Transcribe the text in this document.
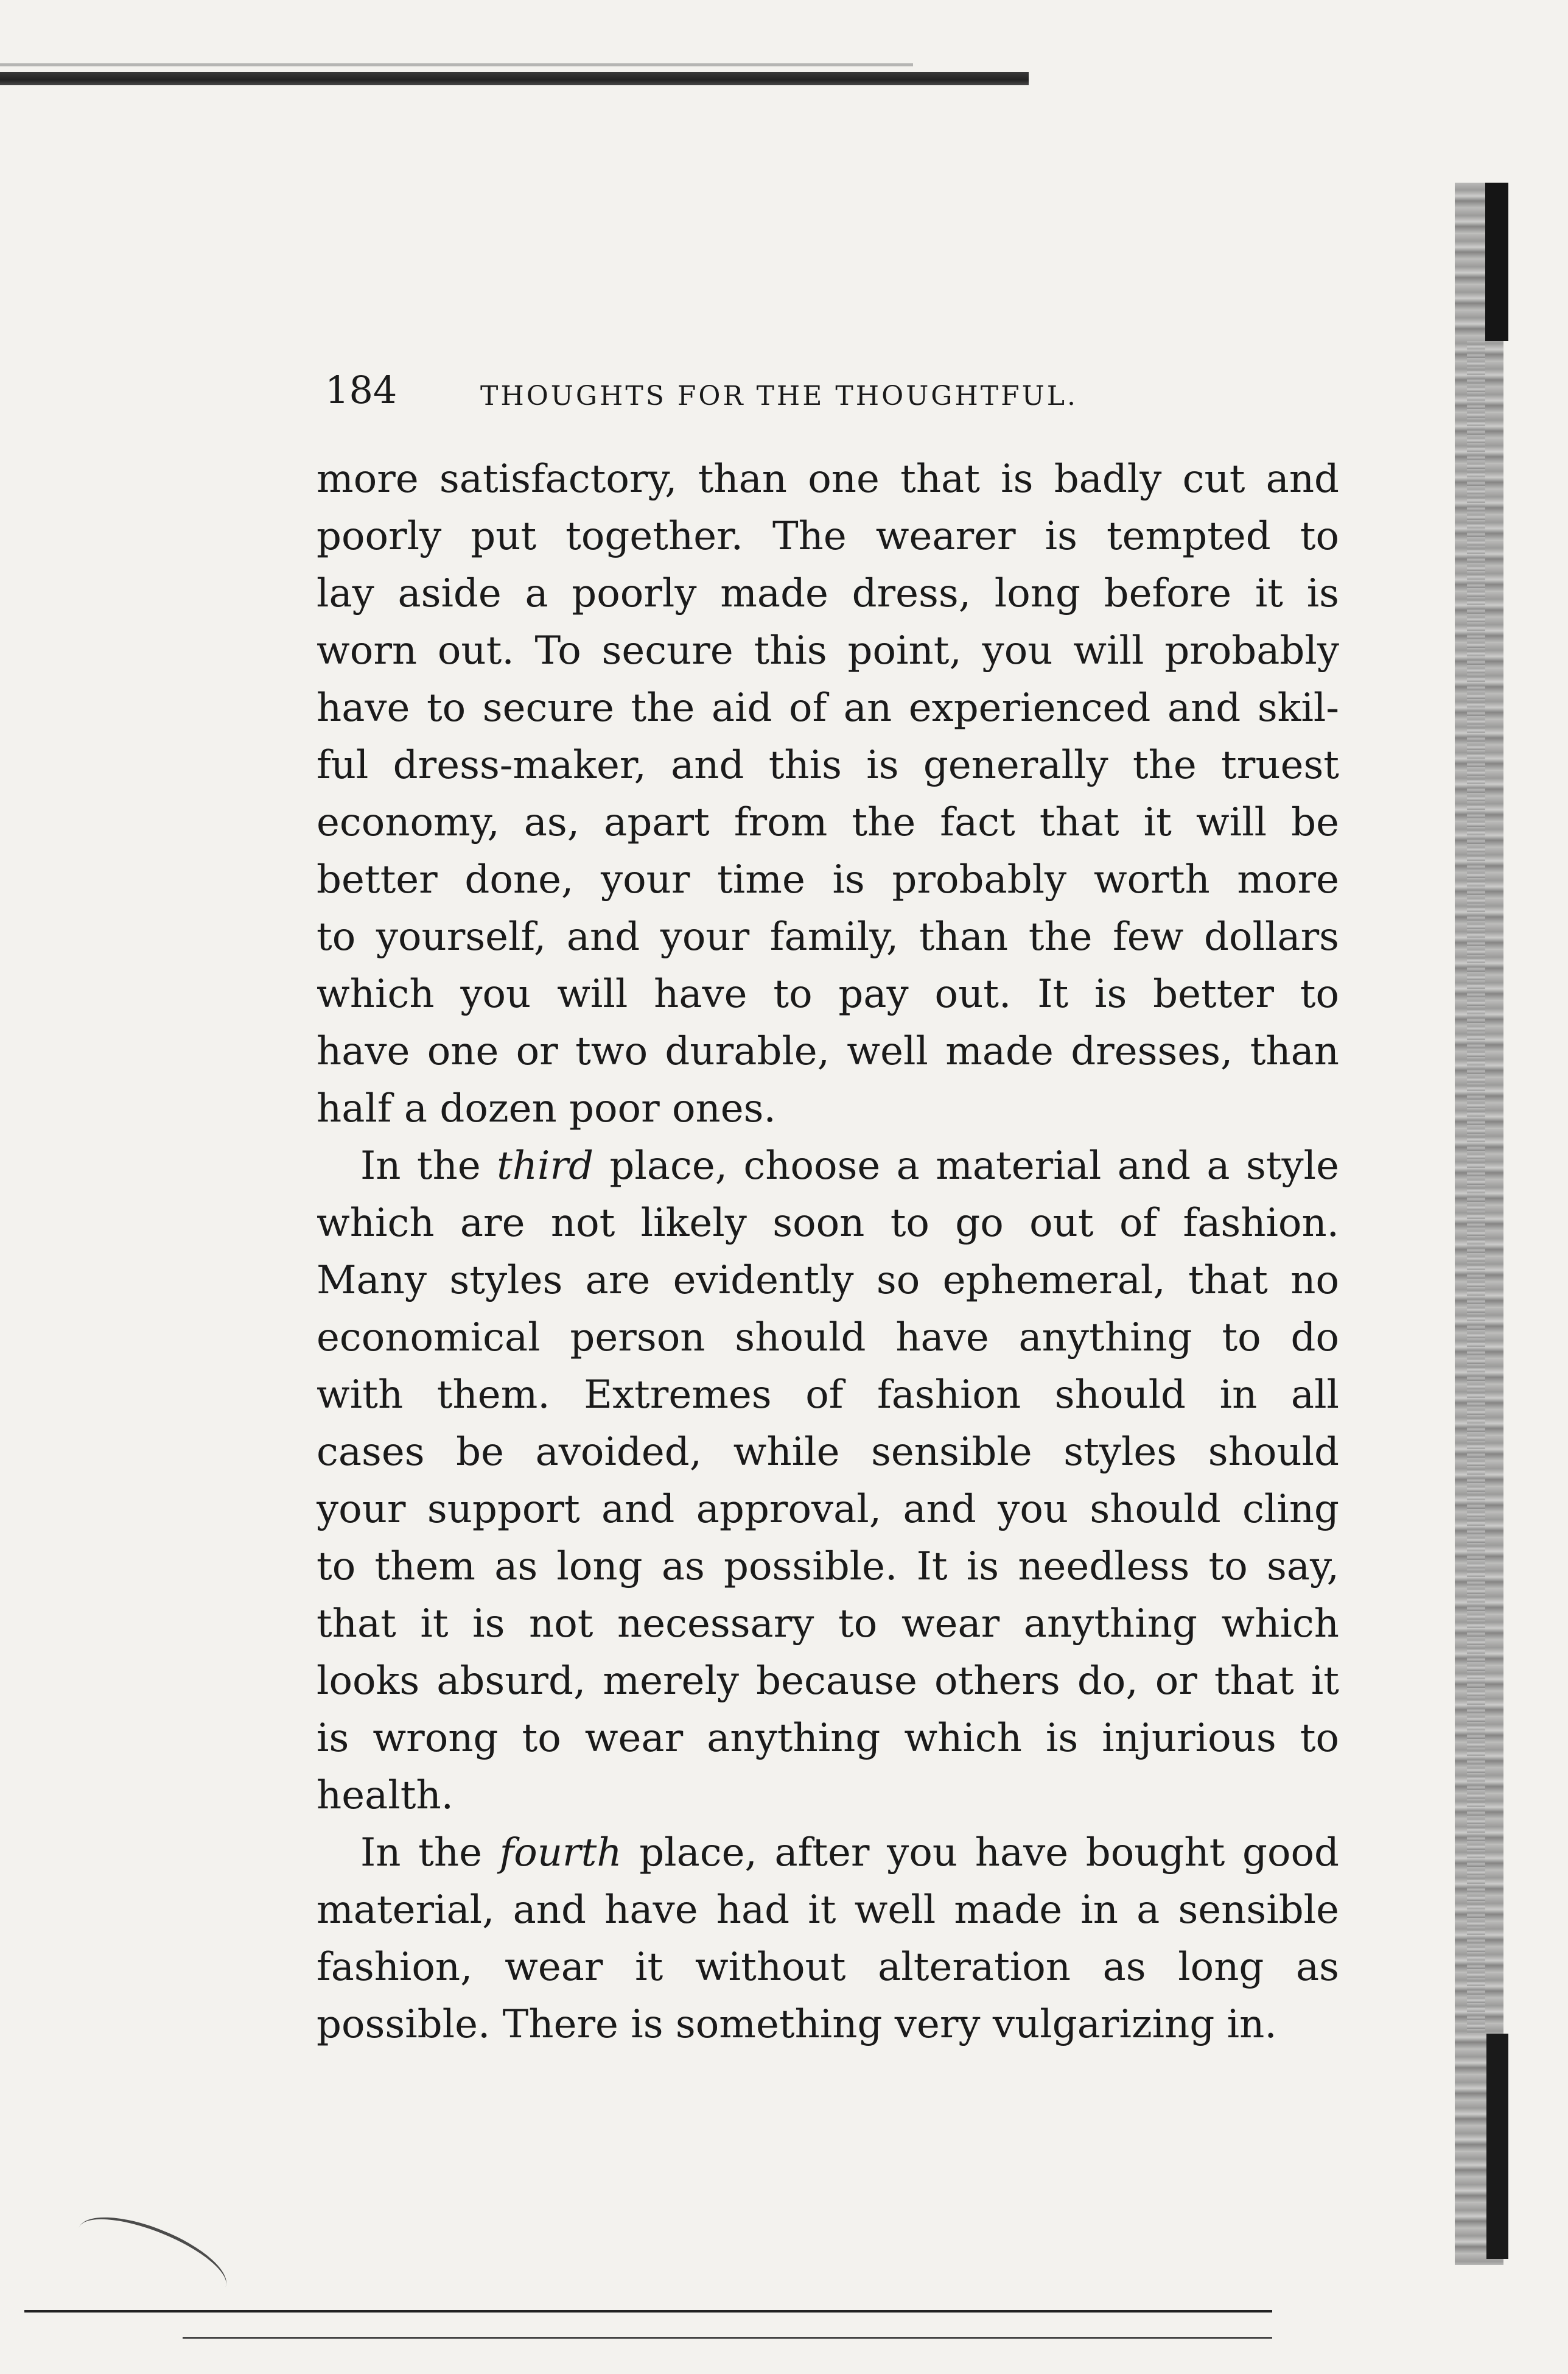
184	THOUGHTS FOR THE THOUGHTFUL.
more satisfactory, than one that is badly cut and
poorly put together. The wearer is tempted to
lay aside a poorly made dress, long before it is
worn out. To secure this point, you will probably
have to secure the aid of an experienced and skil-
ful dress-maker, and this is generally the truest
economy, as, apart from the fact that it will be
better done, your time is probably worth more
to yourself, and your family, than the few dollars
which you will have to pay out. It is better to
have one or two durable, well made dresses, than
half a dozen poor ones.
In the third place, choose a material and a style
which are not likely soon to go out of fashion.
Many styles are evidently so ephemeral, that no
economical person should have anything to do
with them. Extremes of fashion should in all
cases be avoided, while sensible styles should
your support and approval, and you should cling
to them as long as possible. It is needless to say,
that it is not necessary to wear anything which
looks absurd, merely because others do, or that it
is wrong to wear anything which is injurious to
health.
In the fourth place, after you have bought good
material, and have had it well made in a sensible
fashion, wear it without alteration as long as
possible. There is something very vulgarizing in.
